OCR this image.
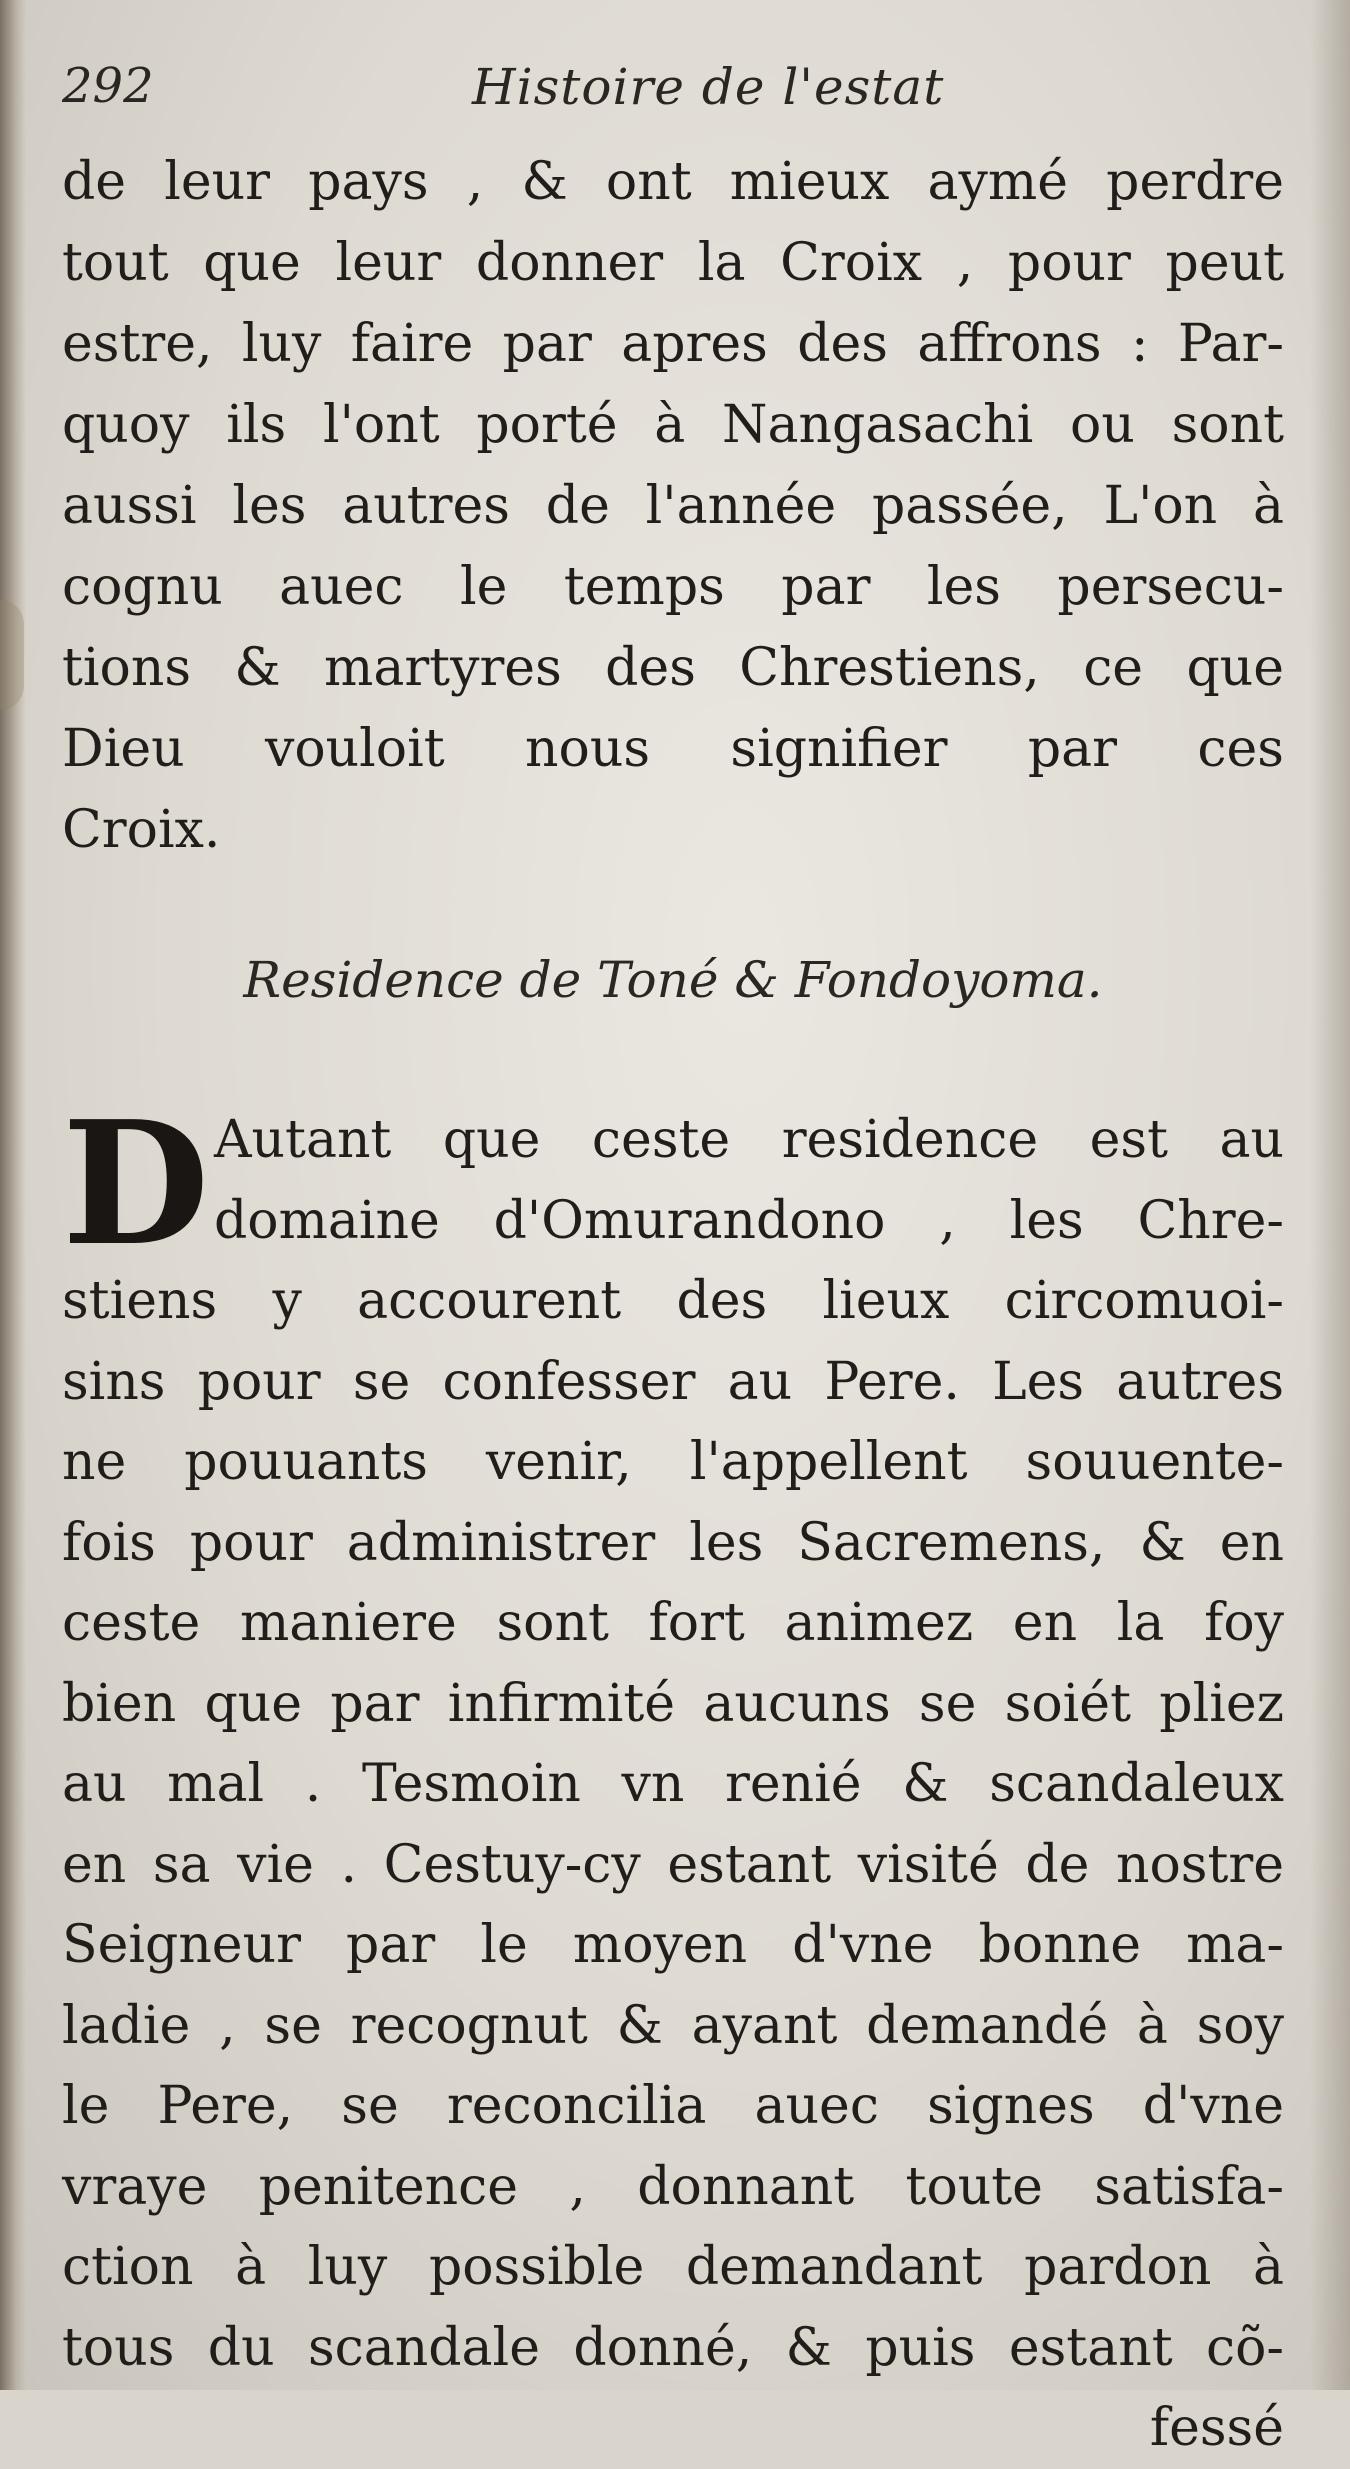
292	Histoire de l'estat
de leur pays , & ont mieux aymé perdre
tout que leur donner la Croix , pour peut
estre, luy faire par apres des affrons : Par-
quoy ils l'ont porté à Nangasachi ou sont
aussi les autres de l'année passée, L'on à
cognu auec le temps par les persecu-
tions & martyres des Chrestiens, ce que
Dieu vouloit nous signifier par ces
Croix.
Residence de Toné & Fondoyoma.
D Autant que ceste residence est au
domaine d'Omurandono , les Chre-
stiens y accourent des lieux circomuoi-
sins pour se confesser au Pere. Les autres
ne pouuants venir, l'appellent souuente-
fois pour administrer les Sacremens, & en
ceste maniere sont fort animez en la foy
bien que par infirmité aucuns se soiét pliez
au mal . Tesmoin vn renié & scandaleux
en sa vie . Cestuy-cy estant visité de nostre
Seigneur par le moyen d'vne bonne ma-
ladie , se recognut & ayant demandé à soy
le Pere, se reconcilia auec signes d'vne
vraye penitence , donnant toute satisfa-
ction à luy possible demandant pardon à
tous du scandale donné, & puis estant cõ-
fessé
